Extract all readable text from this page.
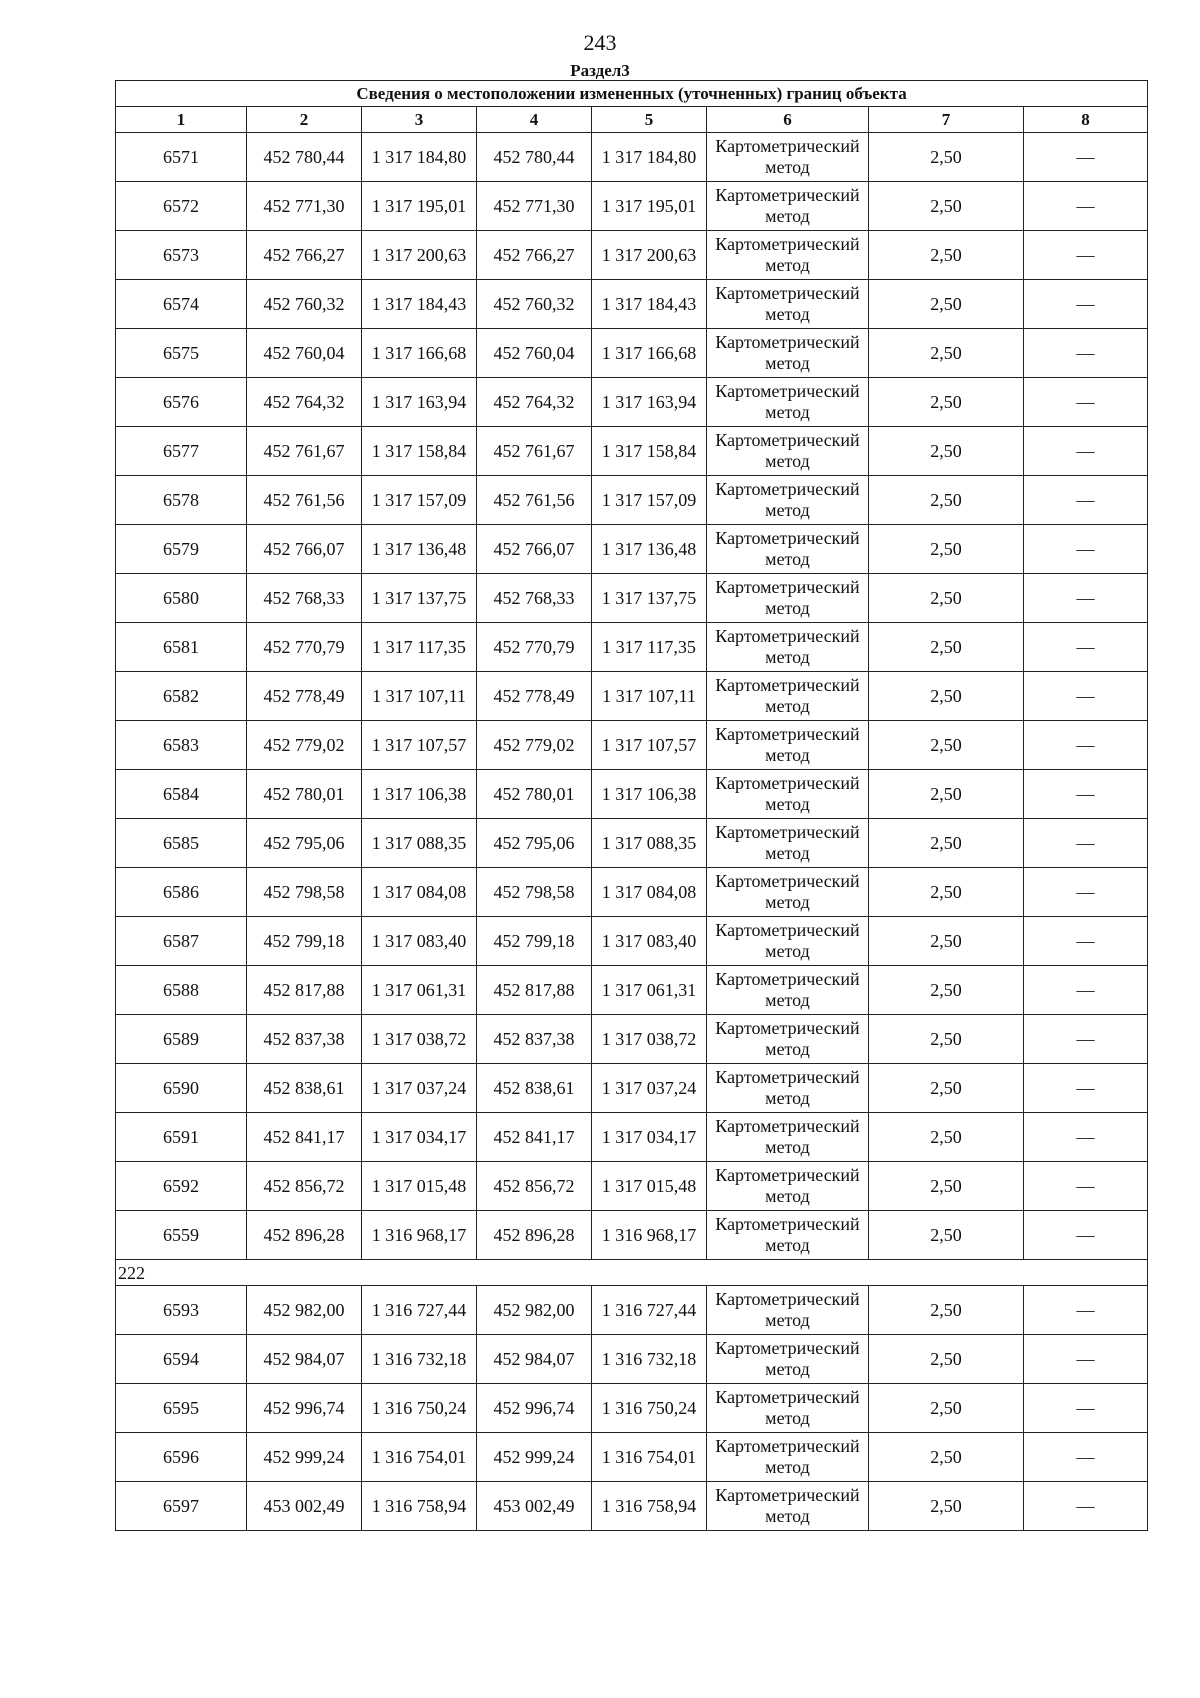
243
Раздел3
Сведения о местоположении измененных (уточненных) границ объекта							
1	2	3	4	5	6	7	8
6571	452 780,44	1 317 184,80	452 780,44	1 317 184,80	Картометрический метод	2,50	—
6572	452 771,30	1 317 195,01	452 771,30	1 317 195,01	Картометрический метод	2,50	—
6573	452 766,27	1 317 200,63	452 766,27	1 317 200,63	Картометрический метод	2,50	—
6574	452 760,32	1 317 184,43	452 760,32	1 317 184,43	Картометрический метод	2,50	—
6575	452 760,04	1 317 166,68	452 760,04	1 317 166,68	Картометрический метод	2,50	—
6576	452 764,32	1 317 163,94	452 764,32	1 317 163,94	Картометрический метод	2,50	—
6577	452 761,67	1 317 158,84	452 761,67	1 317 158,84	Картометрический метод	2,50	—
6578	452 761,56	1 317 157,09	452 761,56	1 317 157,09	Картометрический метод	2,50	—
6579	452 766,07	1 317 136,48	452 766,07	1 317 136,48	Картометрический метод	2,50	—
6580	452 768,33	1 317 137,75	452 768,33	1 317 137,75	Картометрический метод	2,50	—
6581	452 770,79	1 317 117,35	452 770,79	1 317 117,35	Картометрический метод	2,50	—
6582	452 778,49	1 317 107,11	452 778,49	1 317 107,11	Картометрический метод	2,50	—
6583	452 779,02	1 317 107,57	452 779,02	1 317 107,57	Картометрический метод	2,50	—
6584	452 780,01	1 317 106,38	452 780,01	1 317 106,38	Картометрический метод	2,50	—
6585	452 795,06	1 317 088,35	452 795,06	1 317 088,35	Картометрический метод	2,50	—
6586	452 798,58	1 317 084,08	452 798,58	1 317 084,08	Картометрический метод	2,50	—
6587	452 799,18	1 317 083,40	452 799,18	1 317 083,40	Картометрический метод	2,50	—
6588	452 817,88	1 317 061,31	452 817,88	1 317 061,31	Картометрический метод	2,50	—
6589	452 837,38	1 317 038,72	452 837,38	1 317 038,72	Картометрический метод	2,50	—
6590	452 838,61	1 317 037,24	452 838,61	1 317 037,24	Картометрический метод	2,50	—
6591	452 841,17	1 317 034,17	452 841,17	1 317 034,17	Картометрический метод	2,50	—
6592	452 856,72	1 317 015,48	452 856,72	1 317 015,48	Картометрический метод	2,50	—
6559	452 896,28	1 316 968,17	452 896,28	1 316 968,17	Картометрический метод	2,50	—
222							
6593	452 982,00	1 316 727,44	452 982,00	1 316 727,44	Картометрический метод	2,50	—
6594	452 984,07	1 316 732,18	452 984,07	1 316 732,18	Картометрический метод	2,50	—
6595	452 996,74	1 316 750,24	452 996,74	1 316 750,24	Картометрический метод	2,50	—
6596	452 999,24	1 316 754,01	452 999,24	1 316 754,01	Картометрический метод	2,50	—
6597	453 002,49	1 316 758,94	453 002,49	1 316 758,94	Картометрический метод	2,50	—
